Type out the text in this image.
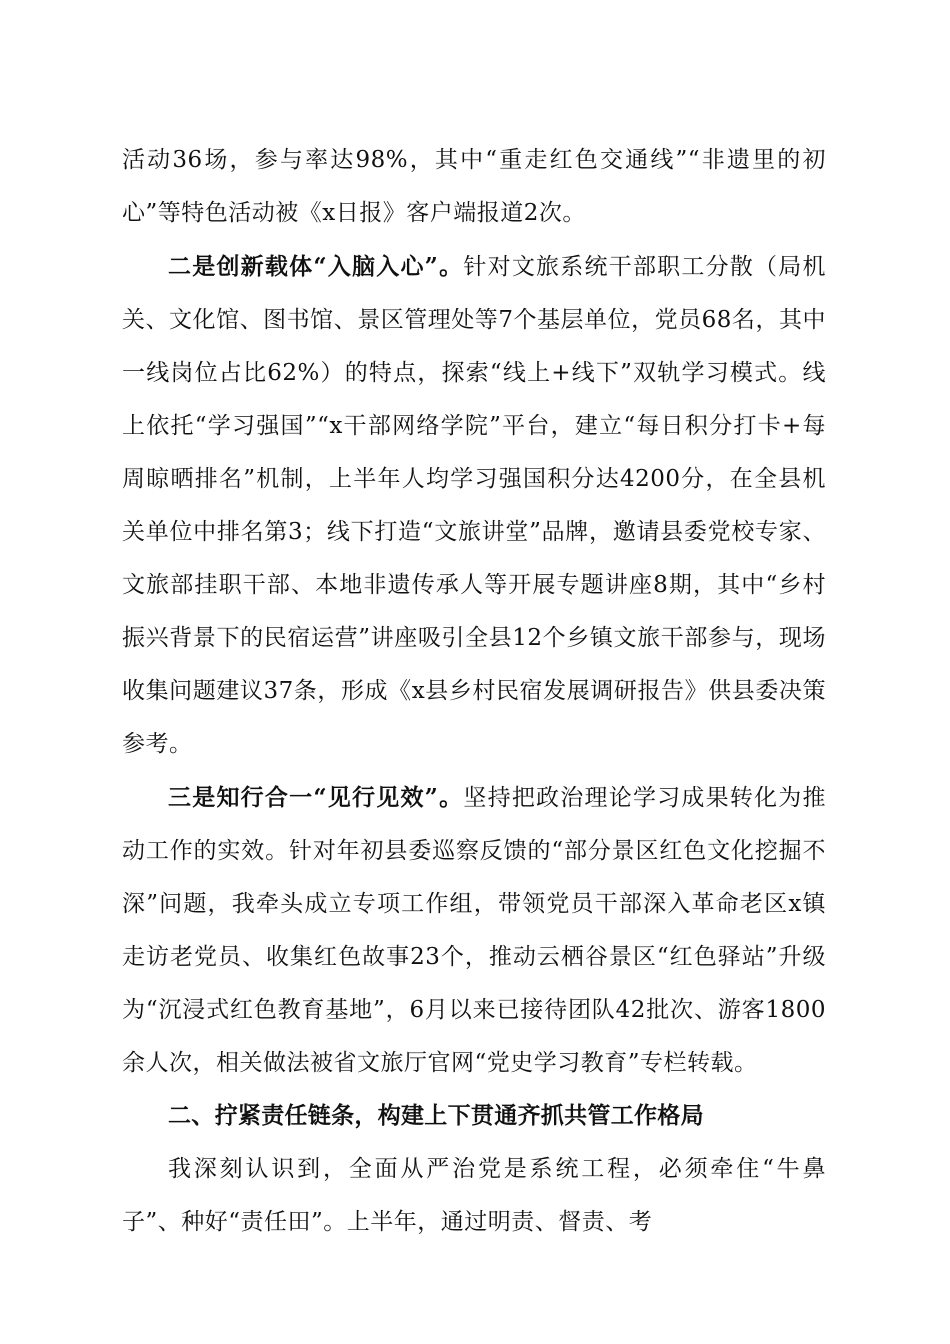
活动36场，参与率达98%，其中“重走红色交通线”“非遗里的初心”等特色活动被《x日报》客户端报道2次。

二是创新载体“入脑入心”。针对文旅系统干部职工分散（局机关、文化馆、图书馆、景区管理处等7个基层单位，党员68名，其中一线岗位占比62%）的特点，探索“线上+线下”双轨学习模式。线上依托“学习强国”“x干部网络学院”平台，建立“每日积分打卡+每周晾晒排名”机制，上半年人均学习强国积分达4200分，在全县机关单位中排名第3；线下打造“文旅讲堂”品牌，邀请县委党校专家、文旅部挂职干部、本地非遗传承人等开展专题讲座8期，其中“乡村振兴背景下的民宿运营”讲座吸引全县12个乡镇文旅干部参与，现场收集问题建议37条，形成《x县乡村民宿发展调研报告》供县委决策参考。

三是知行合一“见行见效”。坚持把政治理论学习成果转化为推动工作的实效。针对年初县委巡察反馈的“部分景区红色文化挖掘不深”问题，我牵头成立专项工作组，带领党员干部深入革命老区x镇走访老党员、收集红色故事23个，推动云栖谷景区“红色驿站”升级为“沉浸式红色教育基地”，6月以来已接待团队42批次、游客1800余人次，相关做法被省文旅厅官网“党史学习教育”专栏转载。

二、拧紧责任链条，构建上下贯通齐抓共管工作格局

我深刻认识到，全面从严治党是系统工程，必须牵住“牛鼻子”、种好“责任田”。上半年，通过明责、督责、考
